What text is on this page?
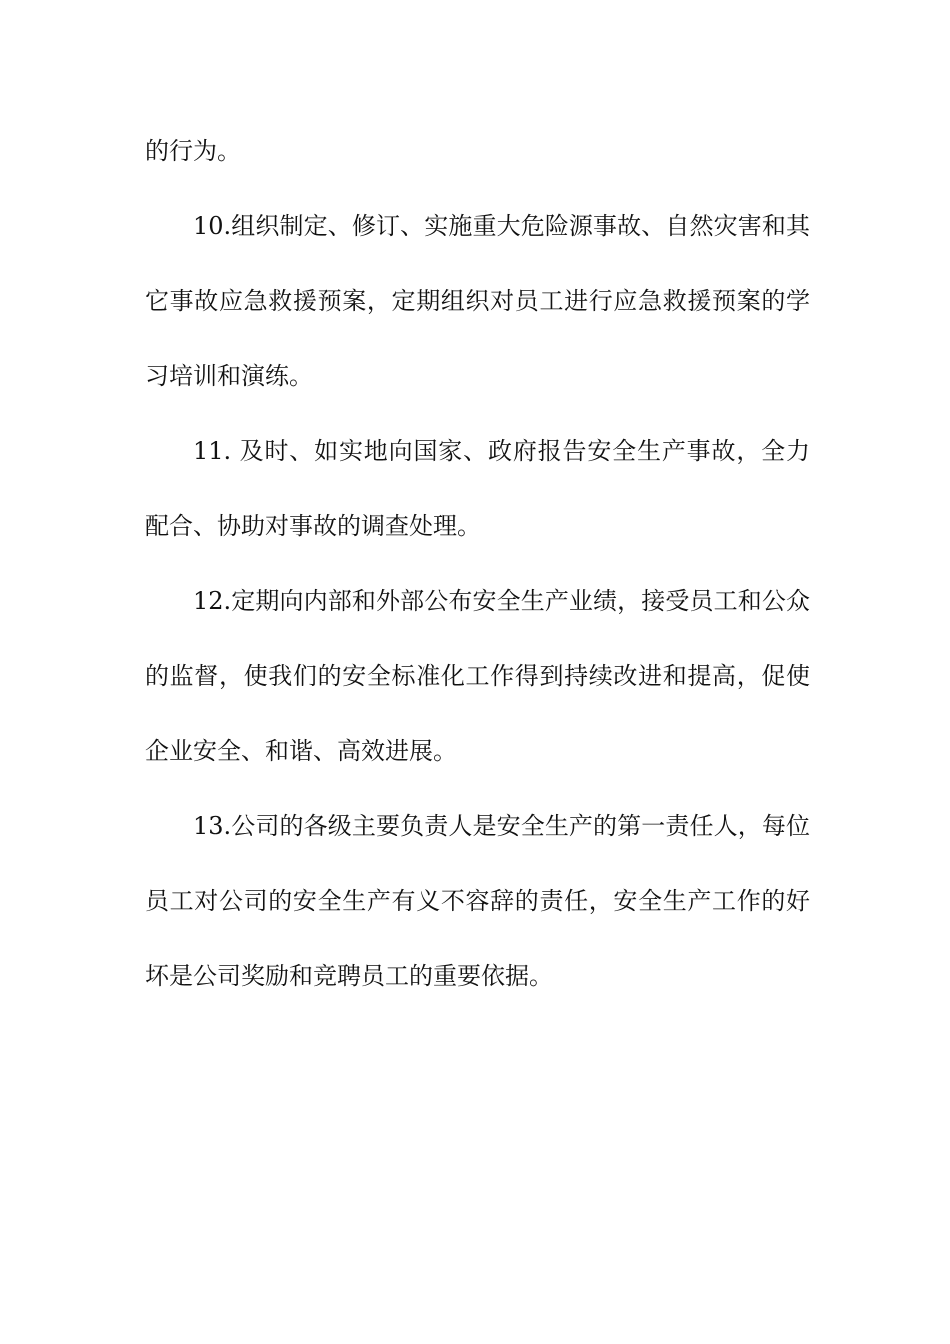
的行为。
10.组织制定、修订、实施重大危险源事故、自然灾害和其
它事故应急救援预案，定期组织对员工进行应急救援预案的学
习培训和演练。
11. 及时、如实地向国家、政府报告安全生产事故，全力
配合、协助对事故的调查处理。
12.定期向内部和外部公布安全生产业绩，接受员工和公众
的监督，使我们的安全标准化工作得到持续改进和提高，促使
企业安全、和谐、高效进展。
13.公司的各级主要负责人是安全生产的第一责任人，每位
员工对公司的安全生产有义不容辞的责任，安全生产工作的好
坏是公司奖励和竞聘员工的重要依据。
